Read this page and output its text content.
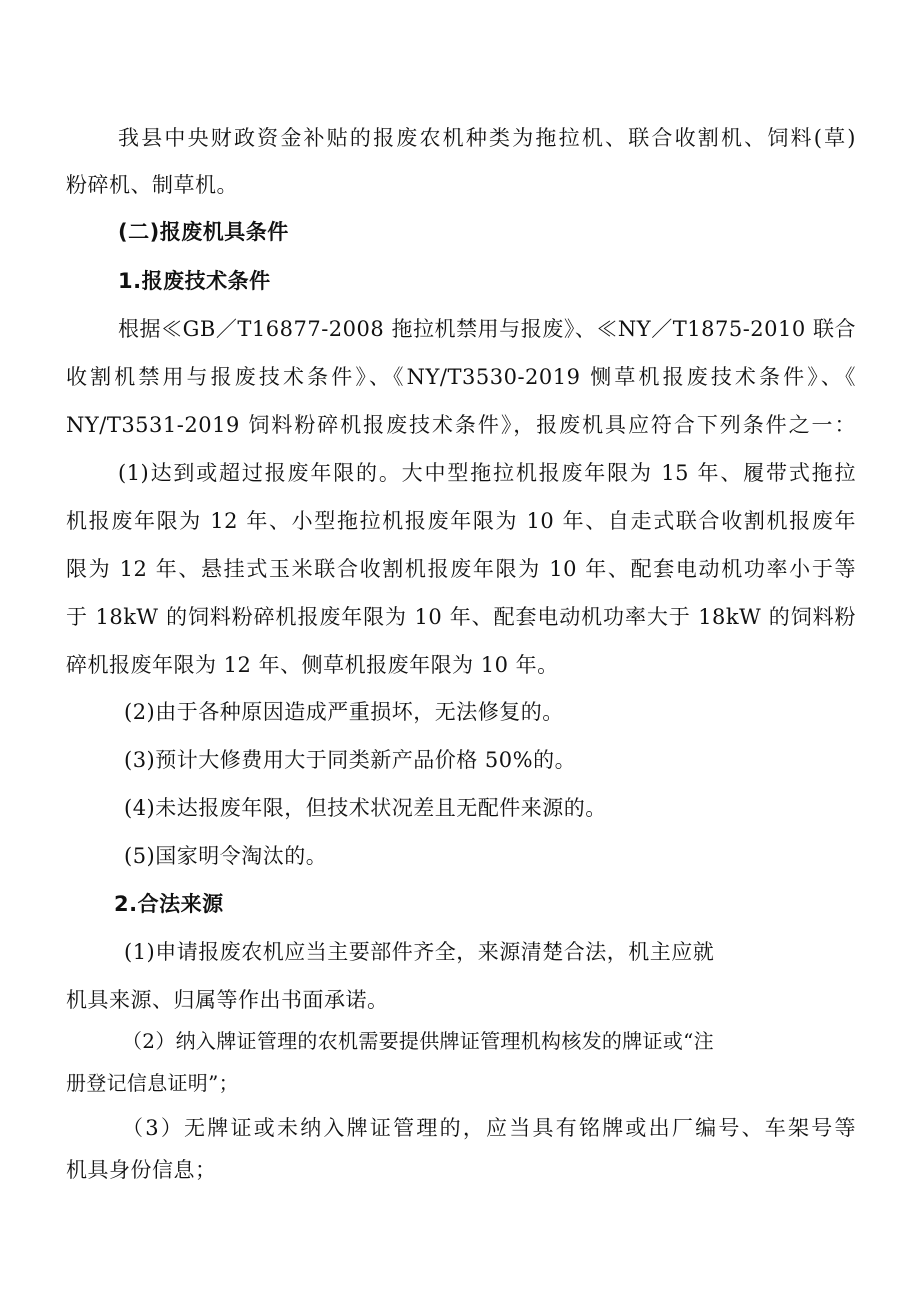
我县中央财政资金补贴的报废农机种类为拖拉机、联合收割机、饲料(草)
粉碎机、制草机。
(二)报废机具条件
1.报废技术条件
根据≪GB／T16877-2008 拖拉机禁用与报废》、≪NY／T1875-2010 联合
收割机禁用与报废技术条件》、《NY/T3530-2019 恻草机报废技术条件》、《
NY/T3531-2019 饲料粉碎机报废技术条件》，报废机具应符合下列条件之一：
(1)达到或超过报废年限的。大中型拖拉机报废年限为 15 年、履带式拖拉
机报废年限为 12 年、小型拖拉机报废年限为 10 年、自走式联合收割机报废年
限为 12 年、悬挂式玉米联合收割机报废年限为 10 年、配套电动机功率小于等
于 18kW 的饲料粉碎机报废年限为 10 年、配套电动机功率大于 18kW 的饲料粉
碎机报废年限为 12 年、侧草机报废年限为 10 年。
(2)由于各种原因造成严重损坏，无法修复的。
(3)预计大修费用大于同类新产品价格 50%的。
(4)未达报废年限，但技术状况差且无配件来源的。
(5)国家明令淘汰的。
2.合法来源
(1)申请报废农机应当主要部件齐全，来源清楚合法，机主应就
机具来源、归属等作出书面承诺。
（2）纳入牌证管理的农机需要提供牌证管理机构核发的牌证或“注
册登记信息证明”；
（3）无牌证或未纳入牌证管理的，应当具有铭牌或出厂编号、车架号等
机具身份信息；
